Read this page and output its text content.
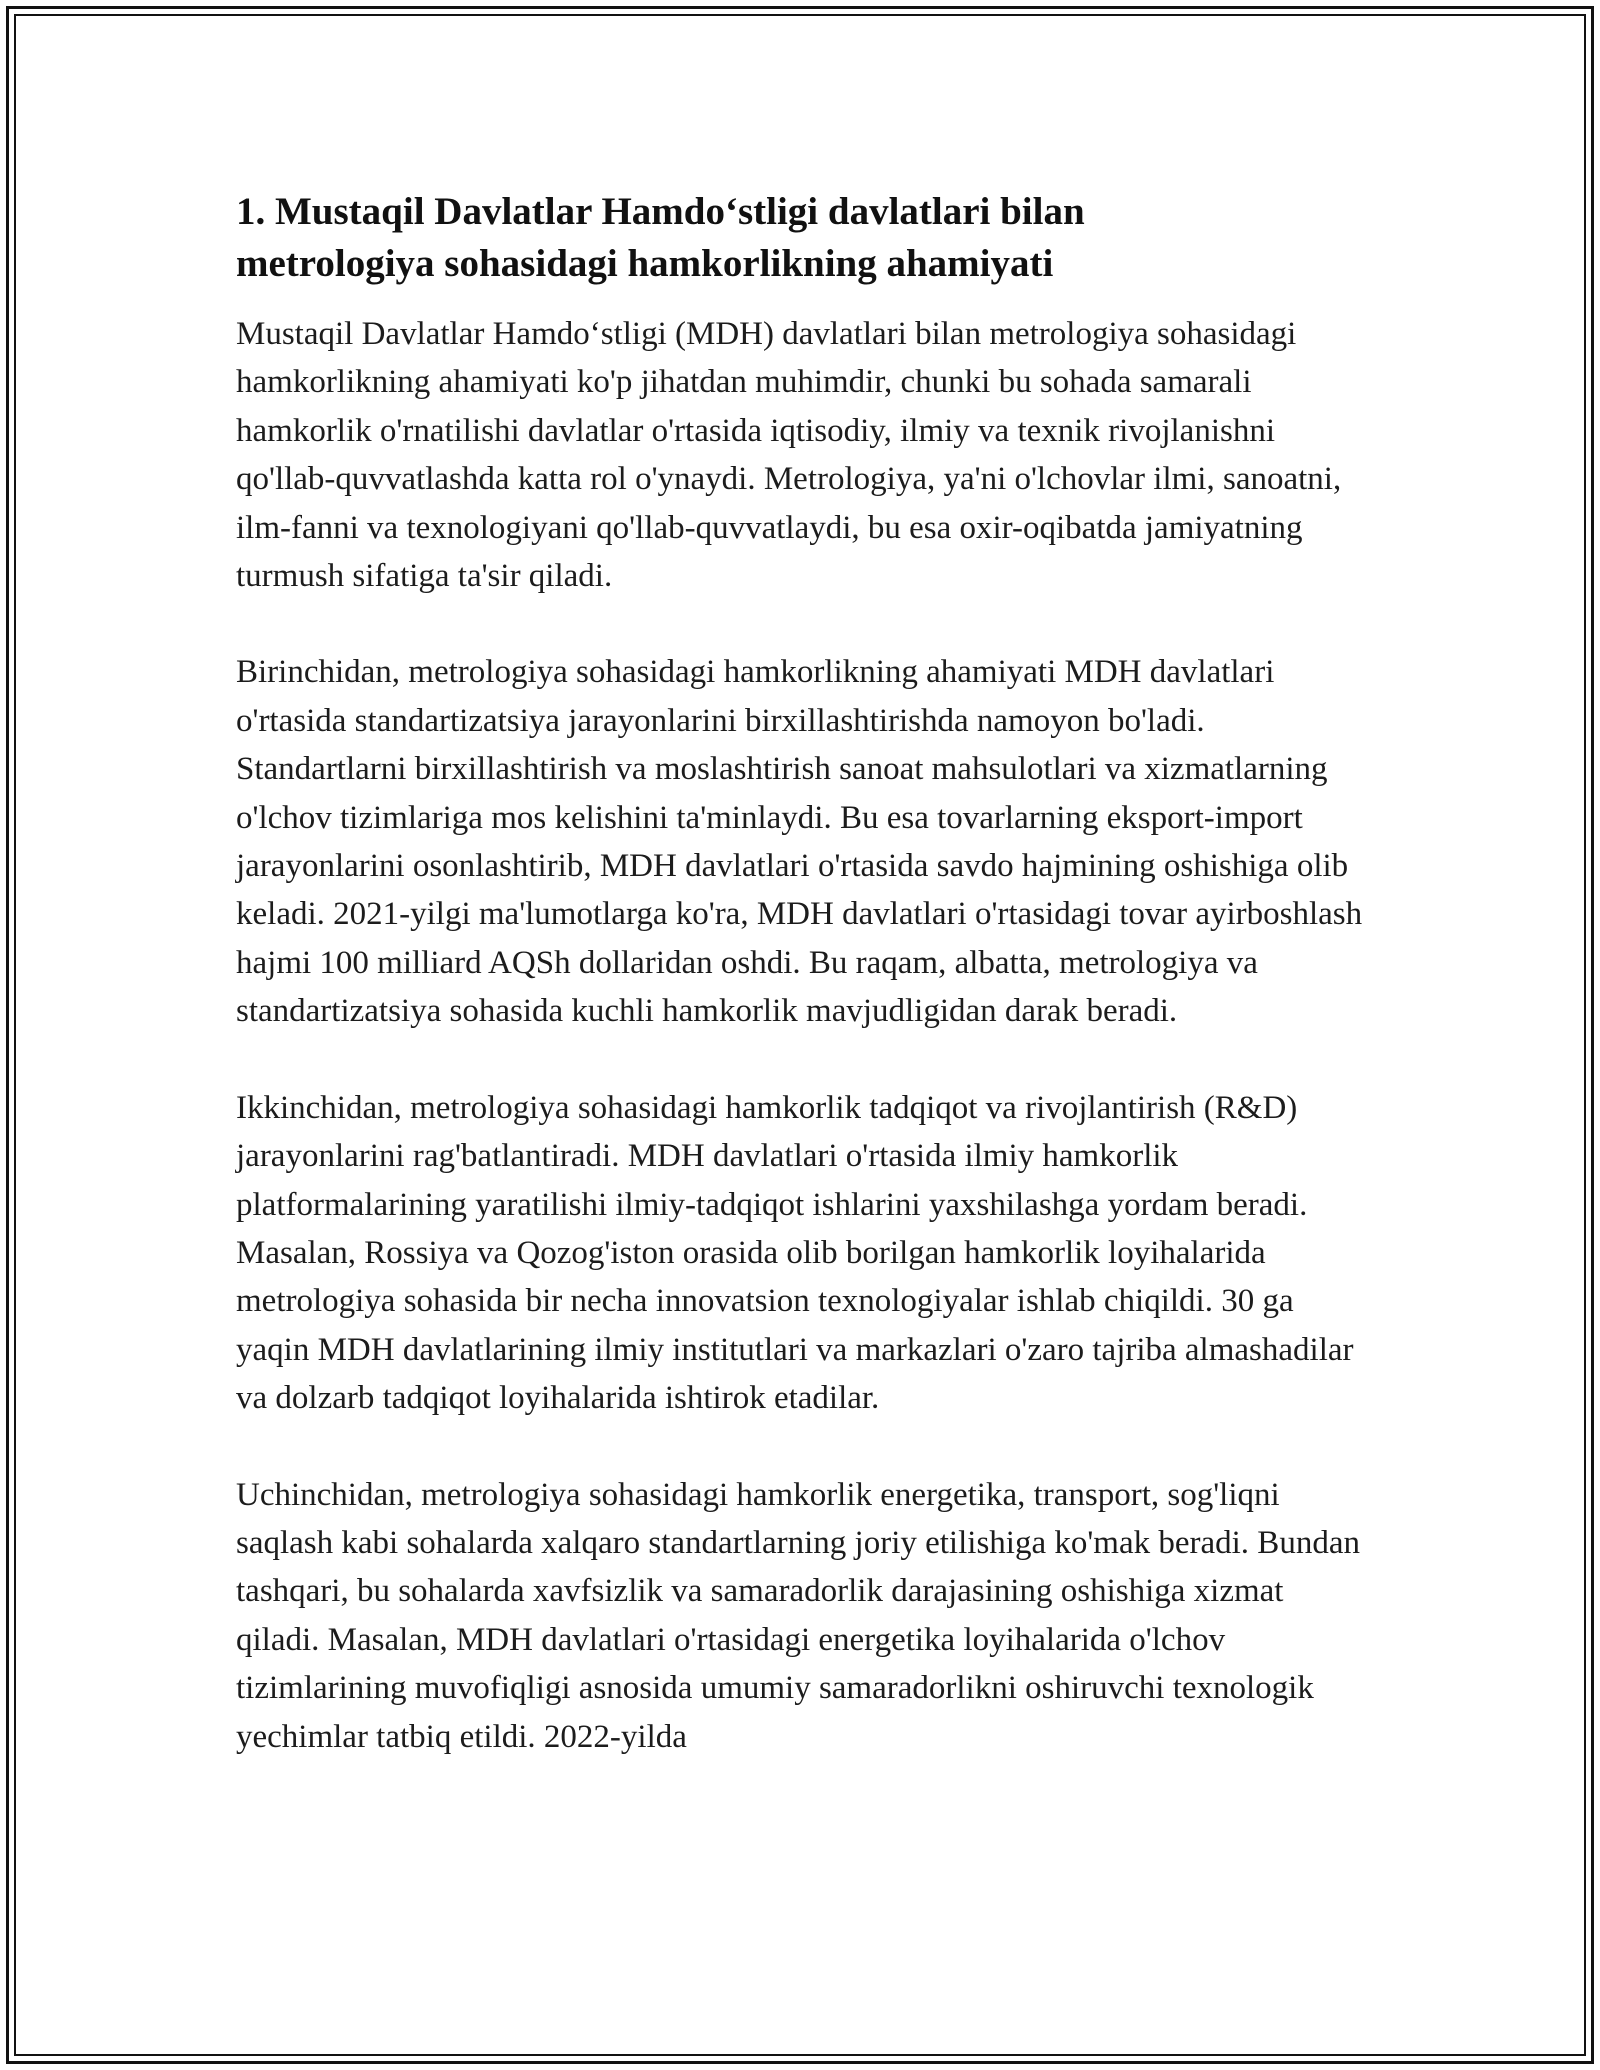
1. Mustaqil Davlatlar Hamdo‘stligi davlatlari bilan
metrologiya sohasidagi hamkorlikning ahamiyati

Mustaqil Davlatlar Hamdo‘stligi (MDH) davlatlari bilan metrologiya sohasidagi hamkorlikning ahamiyati ko'p jihatdan muhimdir, chunki bu sohada samarali hamkorlik o'rnatilishi davlatlar o'rtasida iqtisodiy, ilmiy va texnik rivojlanishni qo'llab-quvvatlashda katta rol o'ynaydi. Metrologiya, ya'ni o'lchovlar ilmi, sanoatni, ilm-fanni va texnologiyani qo'llab-quvvatlaydi, bu esa oxir-oqibatda jamiyatning turmush sifatiga ta'sir qiladi.

Birinchidan, metrologiya sohasidagi hamkorlikning ahamiyati MDH davlatlari o'rtasida standartizatsiya jarayonlarini birxillashtirishda namoyon bo'ladi. Standartlarni birxillashtirish va moslashtirish sanoat mahsulotlari va xizmatlarning o'lchov tizimlariga mos kelishini ta'minlaydi. Bu esa tovarlarning eksport-import jarayonlarini osonlashtirib, MDH davlatlari o'rtasida savdo hajmining oshishiga olib keladi. 2021-yilgi ma'lumotlarga ko'ra, MDH davlatlari o'rtasidagi tovar ayirboshlash hajmi 100 milliard AQSh dollaridan oshdi. Bu raqam, albatta, metrologiya va standartizatsiya sohasida kuchli hamkorlik mavjudligidan darak beradi.

Ikkinchidan, metrologiya sohasidagi hamkorlik tadqiqot va rivojlantirish (R&D) jarayonlarini rag'batlantiradi. MDH davlatlari o'rtasida ilmiy hamkorlik platformalarining yaratilishi ilmiy-tadqiqot ishlarini yaxshilashga yordam beradi. Masalan, Rossiya va Qozog'iston orasida olib borilgan hamkorlik loyihalarida metrologiya sohasida bir necha innovatsion texnologiyalar ishlab chiqildi. 30 ga yaqin MDH davlatlarining ilmiy institutlari va markazlari o'zaro tajriba almashadilar va dolzarb tadqiqot loyihalarida ishtirok etadilar.

Uchinchidan, metrologiya sohasidagi hamkorlik energetika, transport, sog'liqni saqlash kabi sohalarda xalqaro standartlarning joriy etilishiga ko'mak beradi. Bundan tashqari, bu sohalarda xavfsizlik va samaradorlik darajasining oshishiga xizmat qiladi. Masalan, MDH davlatlari o'rtasidagi energetika loyihalarida o'lchov tizimlarining muvofiqligi asnosida umumiy samaradorlikni oshiruvchi texnologik yechimlar tatbiq etildi. 2022-yilda
